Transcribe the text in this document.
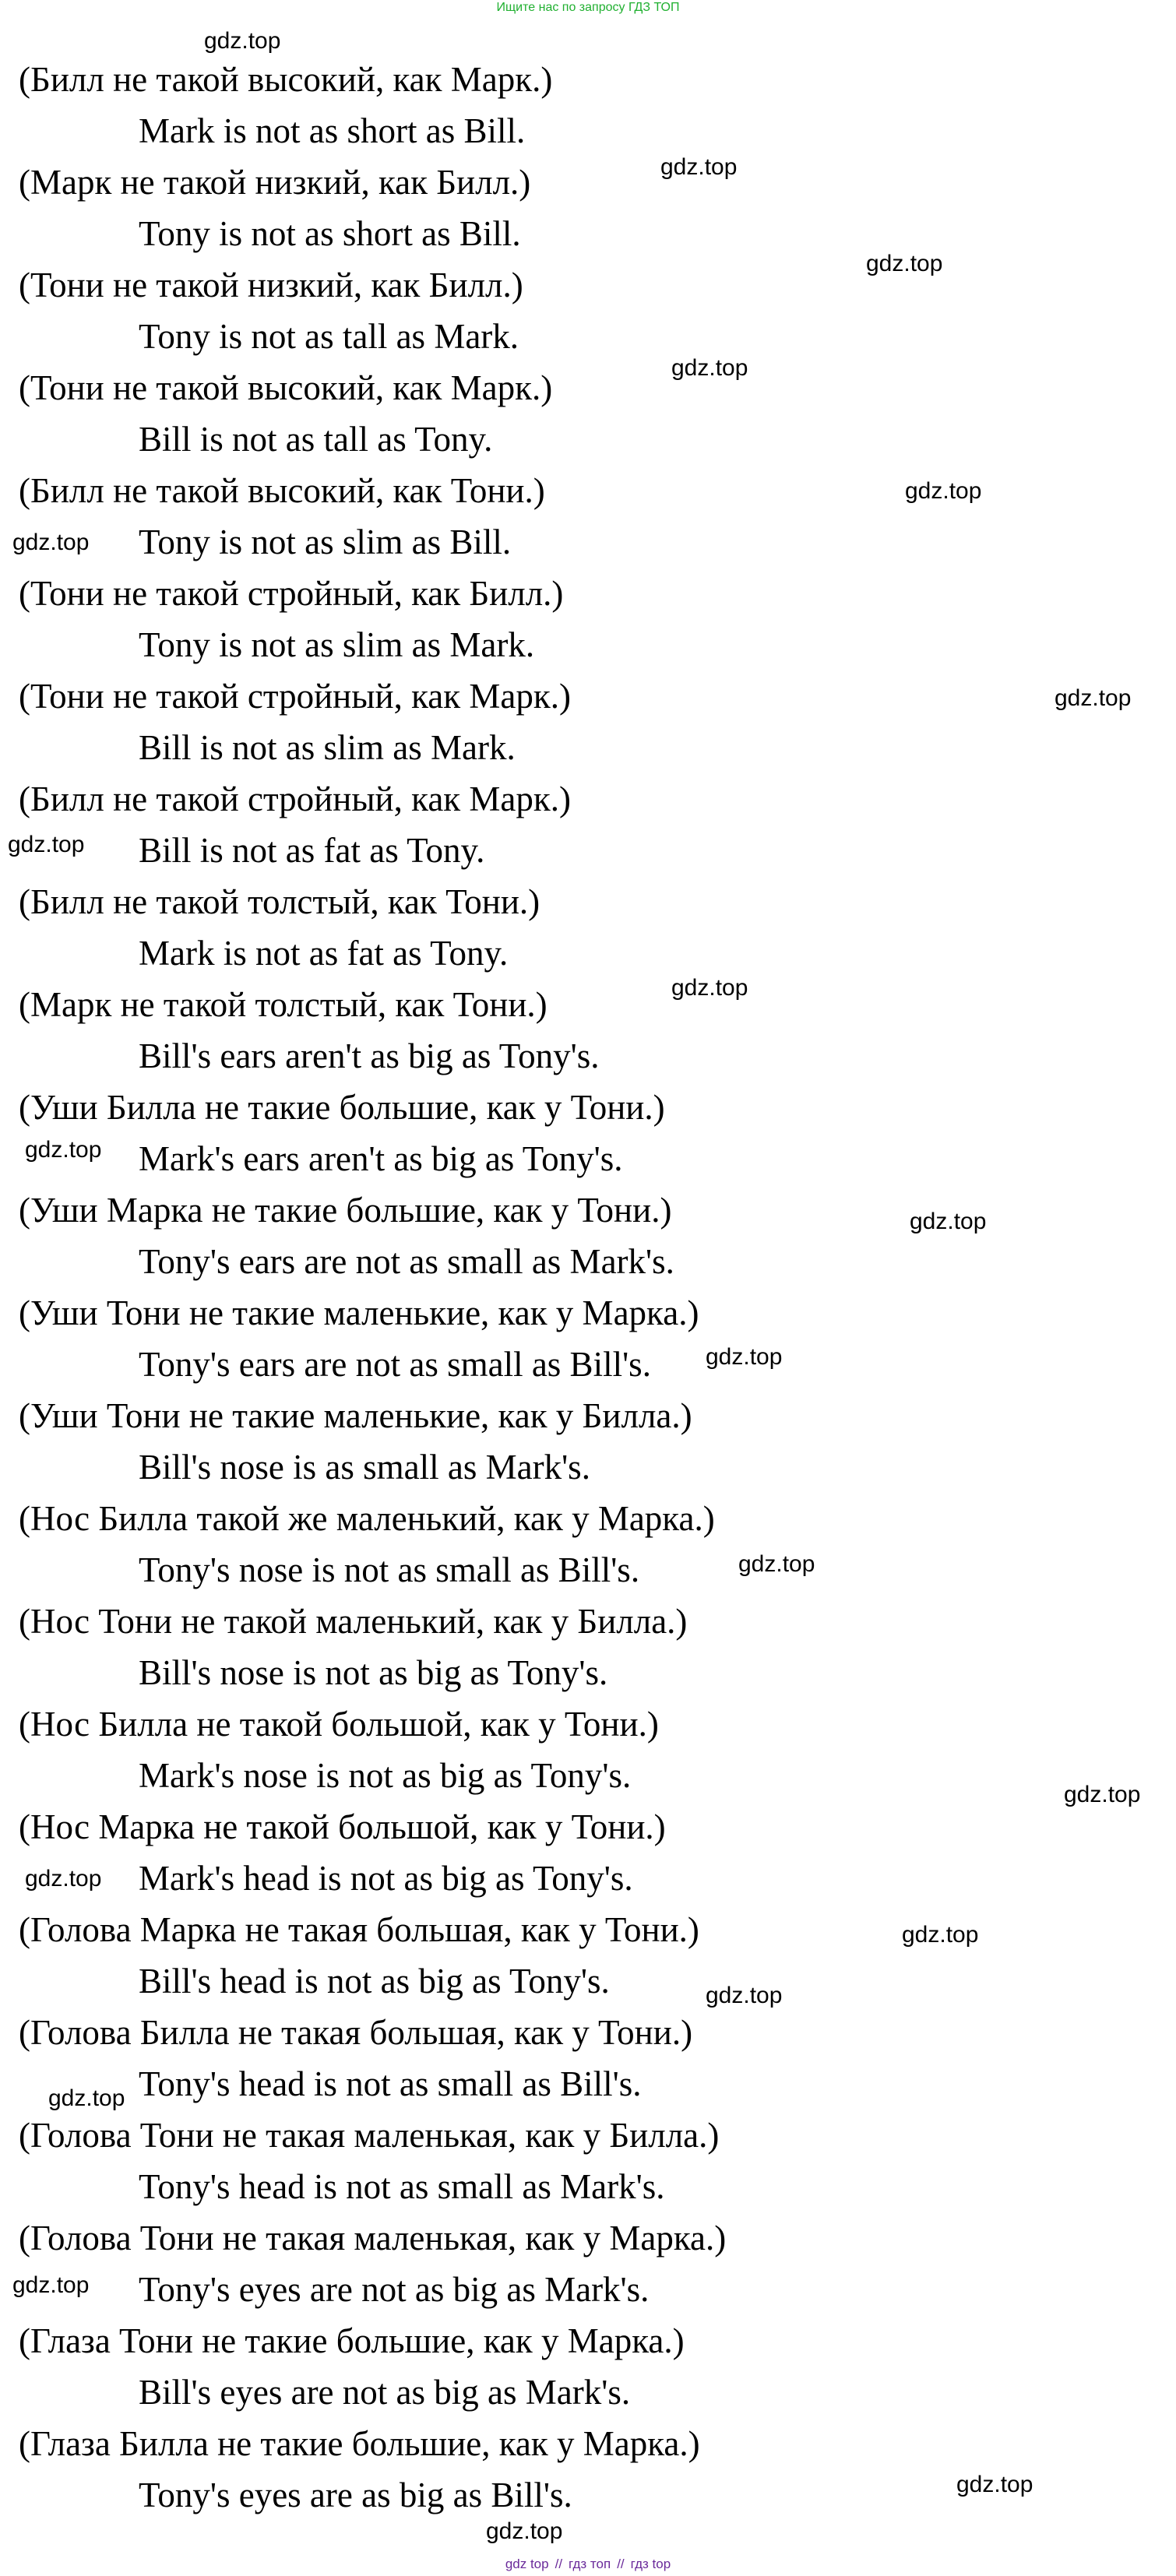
Ищите нас по запросу ГДЗ ТОП
(Билл не такой высокий, как Марк.)
Mark is not as short as Bill.
(Марк не такой низкий, как Билл.)
Tony is not as short as Bill.
(Тони не такой низкий, как Билл.)
Tony is not as tall as Mark.
(Тони не такой высокий, как Марк.)
Bill is not as tall as Tony.
(Билл не такой высокий, как Тони.)
Tony is not as slim as Bill.
(Тони не такой стройный, как Билл.)
Tony is not as slim as Mark.
(Тони не такой стройный, как Марк.)
Bill is not as slim as Mark.
(Билл не такой стройный, как Марк.)
Bill is not as fat as Tony.
(Билл не такой толстый, как Тони.)
Mark is not as fat as Tony.
(Марк не такой толстый, как Тони.)
Bill's ears aren't as big as Tony's.
(Уши Билла не такие большие, как у Тони.)
Mark's ears aren't as big as Tony's.
(Уши Марка не такие большие, как у Тони.)
Tony's ears are not as small as Mark's.
(Уши Тони не такие маленькие, как у Марка.)
Tony's ears are not as small as Bill's.
(Уши Тони не такие маленькие, как у Билла.)
Bill's nose is as small as Mark's.
(Нос Билла такой же маленький, как у Марка.)
Tony's nose is not as small as Bill's.
(Нос Тони не такой маленький, как у Билла.)
Bill's nose is not as big as Tony's.
(Нос Билла не такой большой, как у Тони.)
Mark's nose is not as big as Tony's.
(Нос Марка не такой большой, как у Тони.)
Mark's head is not as big as Tony's.
(Голова Марка не такая большая, как у Тони.)
Bill's head is not as big as Tony's.
(Голова Билла не такая большая, как у Тони.)
Tony's head is not as small as Bill's.
(Голова Тони не такая маленькая, как у Билла.)
Tony's head is not as small as Mark's.
(Голова Тони не такая маленькая, как у Марка.)
Tony's eyes are not as big as Mark's.
(Глаза Тони не такие большие, как у Марка.)
Bill's eyes are not as big as Mark's.
(Глаза Билла не такие большие, как у Марка.)
Tony's eyes are as big as Bill's.
gdz.top
gdz.top
gdz.top
gdz.top
gdz.top
gdz.top
gdz.top
gdz.top
gdz.top
gdz.top
gdz.top
gdz.top
gdz.top
gdz.top
gdz.top
gdz.top
gdz.top
gdz.top
gdz.top
gdz.top
gdz.top
gdz top // гдз топ // гдз top
